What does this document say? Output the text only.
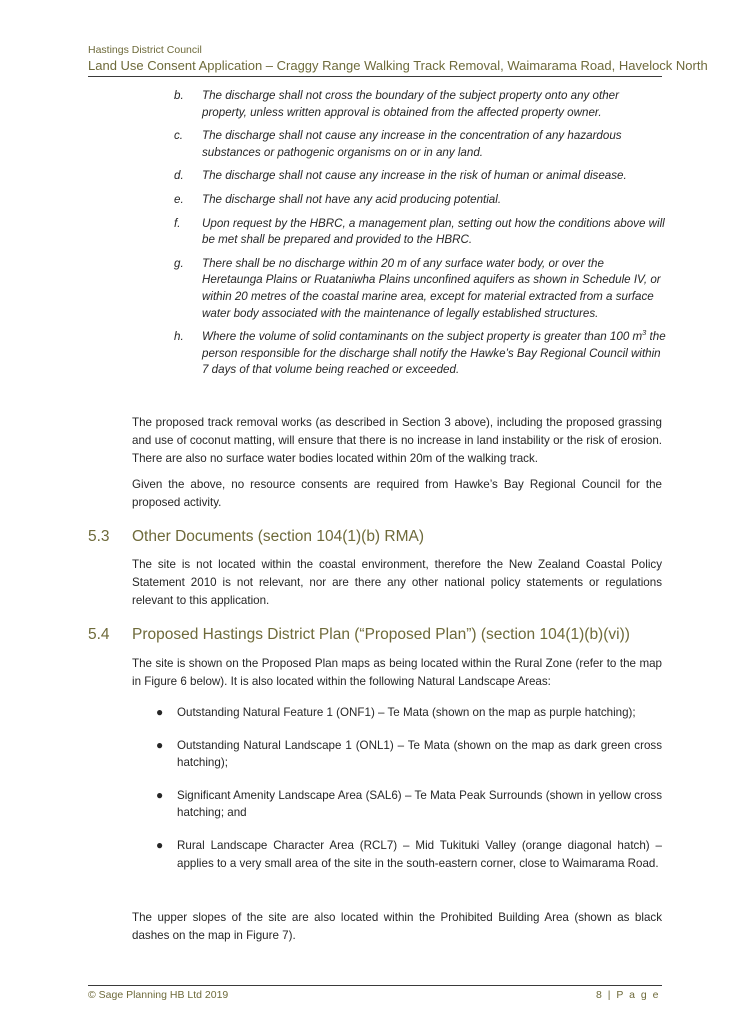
Hastings District Council
Land Use Consent Application – Craggy Range Walking Track Removal, Waimarama Road, Havelock North
b.	The discharge shall not cross the boundary of the subject property onto any other property, unless written approval is obtained from the affected property owner.
c.	The discharge shall not cause any increase in the concentration of any hazardous substances or pathogenic organisms on or in any land.
d.	The discharge shall not cause any increase in the risk of human or animal disease.
e.	The discharge shall not have any acid producing potential.
f.	Upon request by the HBRC, a management plan, setting out how the conditions above will be met shall be prepared and provided to the HBRC.
g.	There shall be no discharge within 20 m of any surface water body, or over the Heretaunga Plains or Ruataniwha Plains unconfined aquifers as shown in Schedule IV, or within 20 metres of the coastal marine area, except for material extracted from a surface water body associated with the maintenance of legally established structures.
h.	Where the volume of solid contaminants on the subject property is greater than 100 $m^3$ the person responsible for the discharge shall notify the Hawke’s Bay Regional Council within 7 days of that volume being reached or exceeded.

The proposed track removal works (as described in Section 3 above), including the proposed grassing and use of coconut matting, will ensure that there is no increase in land instability or the risk of erosion. There are also no surface water bodies located within 20m of the walking track.

Given the above, no resource consents are required from Hawke’s Bay Regional Council for the proposed activity.

5.3	Other Documents (section 104(1)(b) RMA)

The site is not located within the coastal environment, therefore the New Zealand Coastal Policy Statement 2010 is not relevant, nor are there any other national policy statements or regulations relevant to this application.

5.4	Proposed Hastings District Plan (“Proposed Plan”) (section 104(1)(b)(vi))

The site is shown on the Proposed Plan maps as being located within the Rural Zone (refer to the map in Figure 6 below). It is also located within the following Natural Landscape Areas:

●	Outstanding Natural Feature 1 (ONF1) – Te Mata (shown on the map as purple hatching);
●	Outstanding Natural Landscape 1 (ONL1) – Te Mata (shown on the map as dark green cross hatching);
●	Significant Amenity Landscape Area (SAL6) – Te Mata Peak Surrounds (shown in yellow cross hatching; and
●	Rural Landscape Character Area (RCL7) – Mid Tukituki Valley (orange diagonal hatch) – applies to a very small area of the site in the south-eastern corner, close to Waimarama Road.

The upper slopes of the site are also located within the Prohibited Building Area (shown as black dashes on the map in Figure 7).

© Sage Planning HB Ltd 2019	8 | P a g e
